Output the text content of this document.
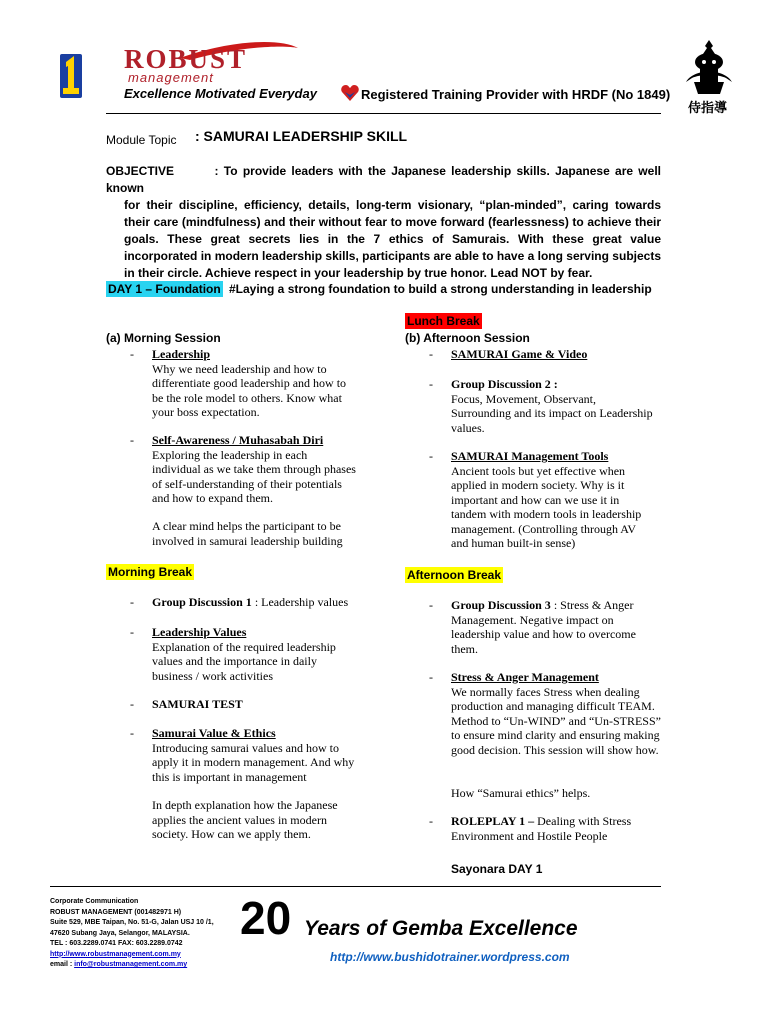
ROBUST
management
Excellence Motivated Everyday	Registered Training Provider with HRDF (No 1849)
侍指導
Module Topic : SAMURAI LEADERSHIP SKILL
OBJECTIVE	: To provide leaders with the Japanese leadership skills. Japanese are well known
for their discipline, efficiency, details, long-term visionary, “plan-minded”, caring towards their care (mindfulness) and their without fear to move forward (fearlessness) to achieve their goals. These great secrets lies in the 7 ethics of Samurais. With these great value incorporated in modern leadership skills, participants are able to have a long serving subjects in their circle. Achieve respect in your leadership by true honor. Lead NOT by fear.
DAY 1 – Foundation #Laying a strong foundation to build a strong understanding in leadership
(a) Morning Session
- Leadership
Why we need leadership and how to differentiate good leadership and how to be the role model to others. Know what your boss expectation.
- Self-Awareness / Muhasabah Diri
Exploring the leadership in each individual as we take them through phases of self-understanding of their potentials and how to expand them.
A clear mind helps the participant to be involved in samurai leadership building
Morning Break
- Group Discussion 1 : Leadership values
- Leadership Values
Explanation of the required leadership values and the importance in daily business / work activities
- SAMURAI TEST
- Samurai Value & Ethics
Introducing samurai values and how to apply it in modern management. And why this is important in management
In depth explanation how the Japanese applies the ancient values in modern society. How can we apply them.
Lunch Break
(b) Afternoon Session
- SAMURAI Game & Video
- Group Discussion 2 :
Focus, Movement, Observant, Surrounding and its impact on Leadership values.
- SAMURAI Management Tools
Ancient tools but yet effective when applied in modern society. Why is it important and how can we use it in tandem with modern tools in leadership management. (Controlling through AV and human built-in sense)
Afternoon Break
- Group Discussion 3 : Stress & Anger Management. Negative impact on leadership value and how to overcome them.
- Stress & Anger Management
We normally faces Stress when dealing production and managing difficult TEAM. Method to “Un-WIND” and “Un-STRESS” to ensure mind clarity and ensuring making good decision. This session will show how.
How “Samurai ethics” helps.
- ROLEPLAY 1 – Dealing with Stress Environment and Hostile People
Sayonara DAY 1
Corporate Communication
ROBUST MANAGEMENT (001482971 H)
Suite 529, MBE Taipan, No. 51-G, Jalan USJ 10 /1,
47620 Subang Jaya, Selangor, MALAYSIA.
TEL : 603.2289.0741 FAX: 603.2289.0742
http://www.robustmanagement.com.my
email : info@robustmanagement.com.my
20 Years of Gemba Excellence
http://www.bushidotrainer.wordpress.com
